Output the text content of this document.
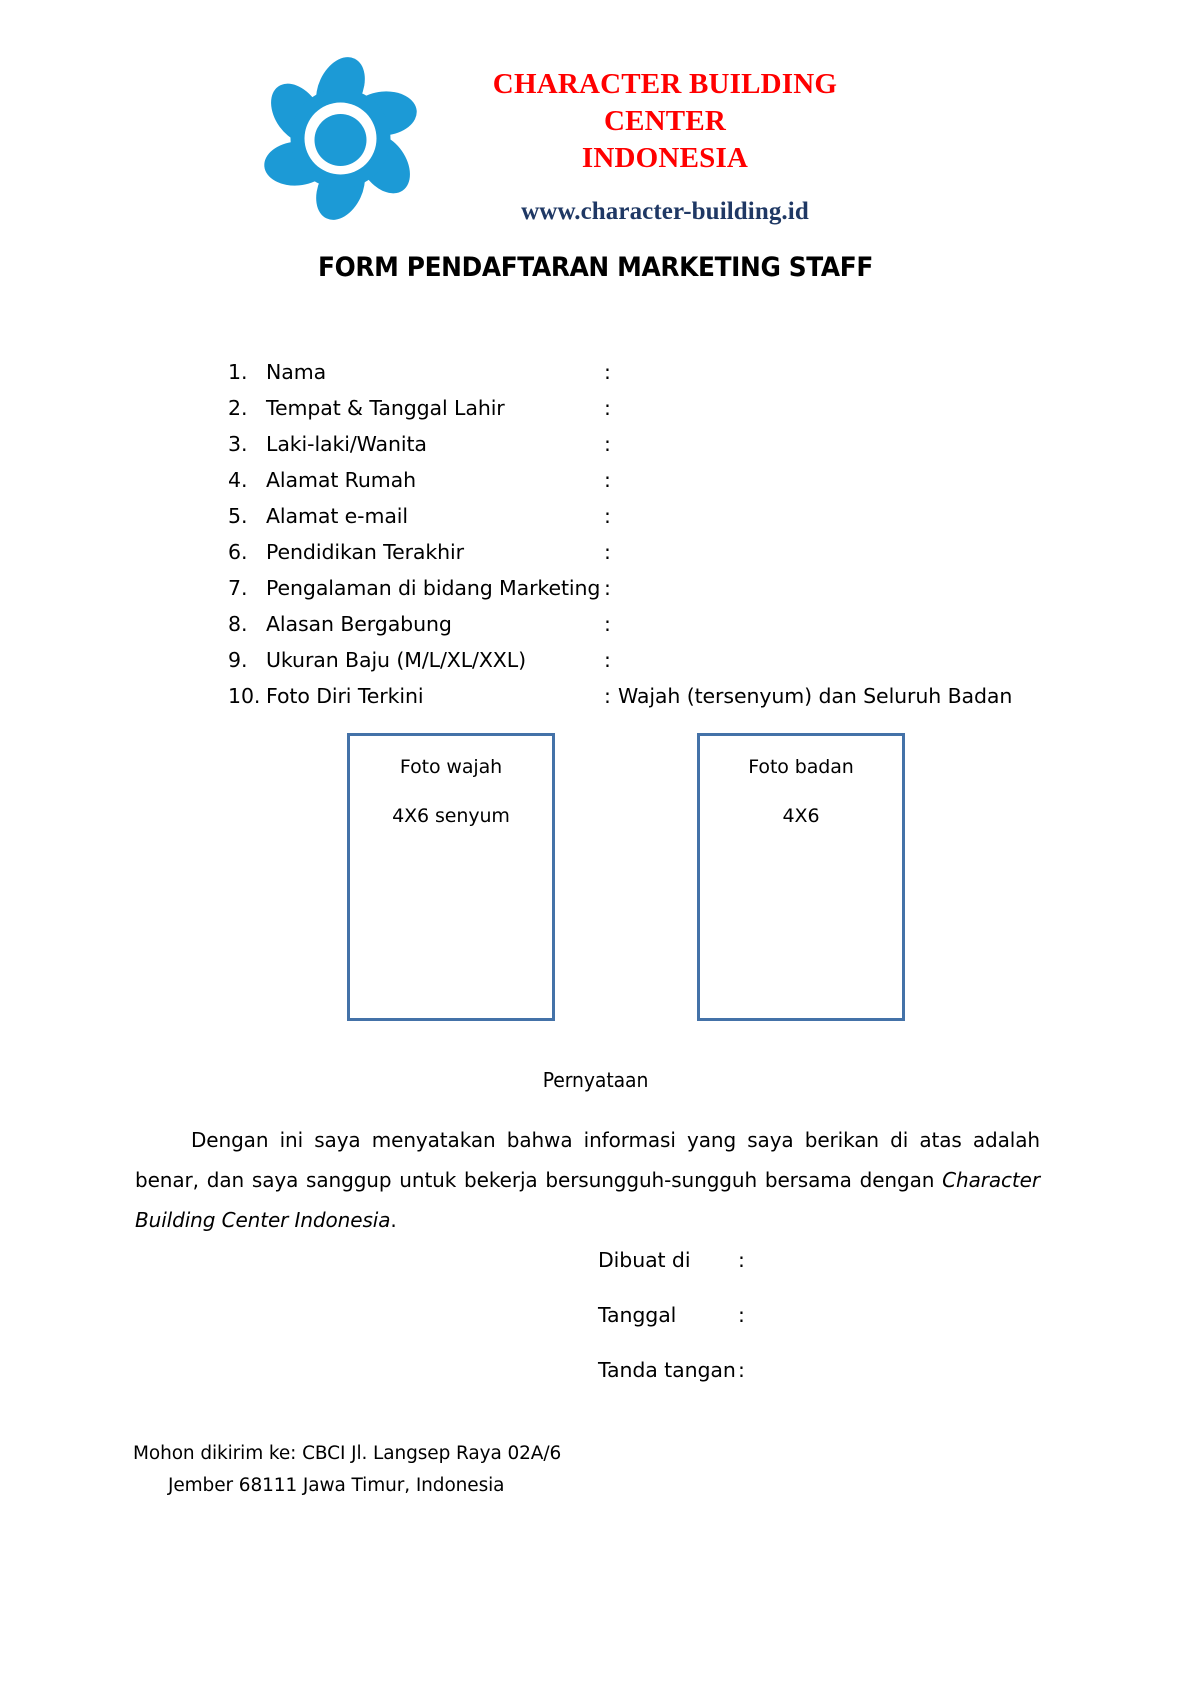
CHARACTER BUILDING CENTER
INDONESIA
www.character-building.id
FORM PENDAFTARAN MARKETING STAFF
1. Nama	:
2. Tempat & Tanggal Lahir	:
3. Laki-laki/Wanita	:
4. Alamat Rumah	:
5. Alamat e-mail	:
6. Pendidikan Terakhir	:
7. Pengalaman di bidang Marketing :
8. Alasan Bergabung	:
9. Ukuran Baju (M/L/XL/XXL)	:
10. Foto Diri Terkini	: Wajah (tersenyum) dan Seluruh Badan
Foto wajah
4X6 senyum
Foto badan
4X6
Pernyataan
Dengan ini saya menyatakan bahwa informasi yang saya berikan di atas adalah benar, dan saya sanggup untuk bekerja bersungguh-sungguh bersama dengan Character Building Center Indonesia.
Dibuat di	:
Tanggal	:
Tanda tangan :
Mohon dikirim ke: CBCI Jl. Langsep Raya 02A/6
Jember 68111 Jawa Timur, Indonesia
